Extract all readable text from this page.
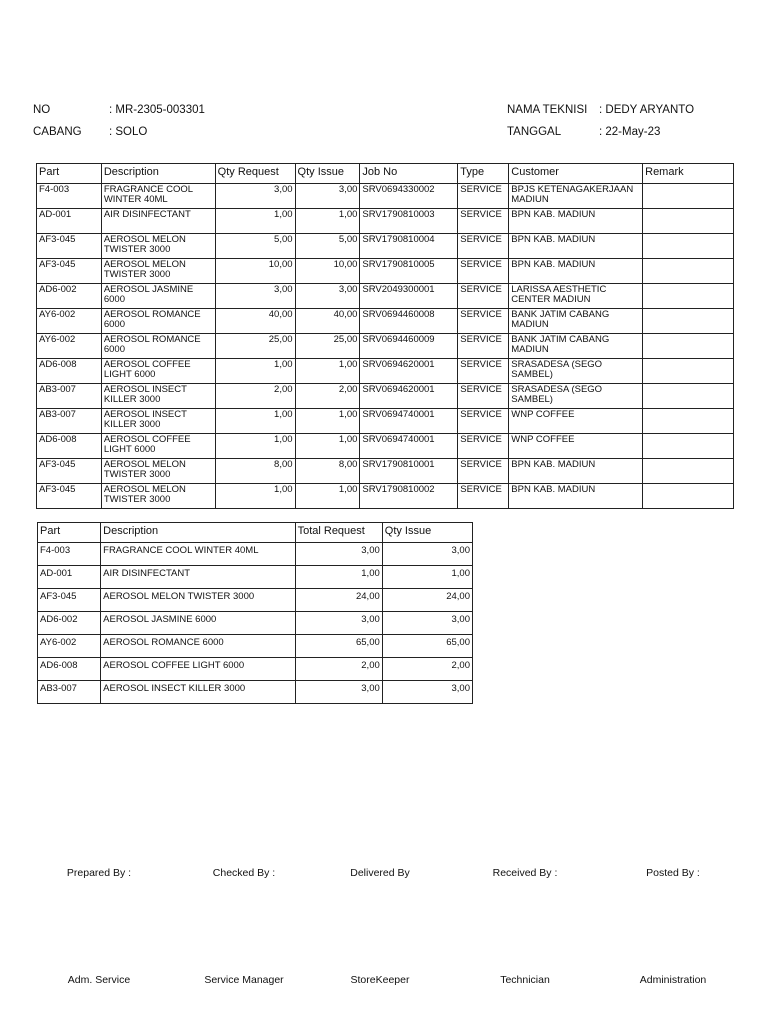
NO	: MR-2305-003301
CABANG : SOLO
NAMA TEKNISI : DEDY ARYANTO
TANGGAL	: 22-May-23
Part	Description	Qty Request	Qty Issue	Job No	Type	Customer	Remark
F4-003	FRAGRANCE COOL WINTER 40ML	3,00	3,00	SRV0694330002	SERVICE	BPJS KETENAGAKERJAAN MADIUN	
AD-001	AIR DISINFECTANT	1,00	1,00	SRV1790810003	SERVICE	BPN KAB. MADIUN	
AF3-045	AEROSOL MELON TWISTER 3000	5,00	5,00	SRV1790810004	SERVICE	BPN KAB. MADIUN	
AF3-045	AEROSOL MELON TWISTER 3000	10,00	10,00	SRV1790810005	SERVICE	BPN KAB. MADIUN	
AD6-002	AEROSOL JASMINE 6000	3,00	3,00	SRV2049300001	SERVICE	LARISSA AESTHETIC CENTER MADIUN	
AY6-002	AEROSOL ROMANCE 6000	40,00	40,00	SRV0694460008	SERVICE	BANK JATIM CABANG MADIUN	
AY6-002	AEROSOL ROMANCE 6000	25,00	25,00	SRV0694460009	SERVICE	BANK JATIM CABANG MADIUN	
AD6-008	AEROSOL COFFEE LIGHT 6000	1,00	1,00	SRV0694620001	SERVICE	SRASADESA (SEGO SAMBEL)	
AB3-007	AEROSOL INSECT KILLER 3000	2,00	2,00	SRV0694620001	SERVICE	SRASADESA (SEGO SAMBEL)	
AB3-007	AEROSOL INSECT KILLER 3000	1,00	1,00	SRV0694740001	SERVICE	WNP COFFEE	
AD6-008	AEROSOL COFFEE LIGHT 6000	1,00	1,00	SRV0694740001	SERVICE	WNP COFFEE	
AF3-045	AEROSOL MELON TWISTER 3000	8,00	8,00	SRV1790810001	SERVICE	BPN KAB. MADIUN	
AF3-045	AEROSOL MELON TWISTER 3000	1,00	1,00	SRV1790810002	SERVICE	BPN KAB. MADIUN	
Part	Description	Total Request	Qty Issue
F4-003	FRAGRANCE COOL WINTER 40ML	3,00	3,00
AD-001	AIR DISINFECTANT	1,00	1,00
AF3-045	AEROSOL MELON TWISTER 3000	24,00	24,00
AD6-002	AEROSOL JASMINE 6000	3,00	3,00
AY6-002	AEROSOL ROMANCE 6000	65,00	65,00
AD6-008	AEROSOL COFFEE LIGHT 6000	2,00	2,00
AB3-007	AEROSOL INSECT KILLER 3000	3,00	3,00
Prepared By :
Adm. Service
Checked By :
Service Manager
Delivered By
StoreKeeper
Received By :
Technician
Posted By :
Administration
